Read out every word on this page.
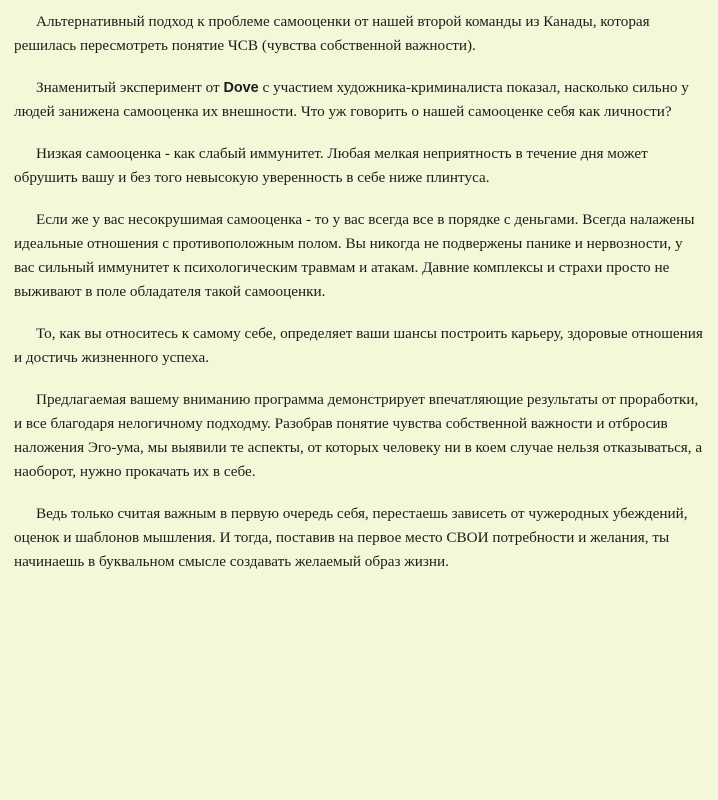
Альтернативный подход к проблеме самооценки от нашей второй команды из Канады, которая решилась пересмотреть понятие ЧСВ (чувства собственной важности).

Знаменитый эксперимент от Dove с участием художника-криминалиста показал, насколько сильно у людей занижена самооценка их внешности. Что уж говорить о нашей самооценке себя как личности?

Низкая самооценка - как слабый иммунитет. Любая мелкая неприятность в течение дня может обрушить вашу и без того невысокую уверенность в себе ниже плинтуса.

Если же у вас несокрушимая самооценка - то у вас всегда все в порядке с деньгами. Всегда налажены идеальные отношения с противоположным полом. Вы никогда не подвержены панике и нервозности, у вас сильный иммунитет к психологическим травмам и атакам. Давние комплексы и страхи просто не выживают в поле обладателя такой самооценки.

То, как вы относитесь к самому себе, определяет ваши шансы построить карьеру, здоровые отношения и достичь жизненного успеха.

Предлагаемая вашему вниманию программа демонстрирует впечатляющие результаты от проработки, и все благодаря нелогичному подходму. Разобрав понятие чувства собственной важности и отбросив наложения Эго-ума, мы выявили те аспекты, от которых человеку ни в коем случае нельзя отказываться, а наоборот, нужно прокачать их в себе.

Ведь только считая важным в первую очередь себя, перестаешь зависеть от чужеродных убеждений, оценок и шаблонов мышления. И тогда, поставив на первое место СВОИ потребности и желания, ты начинаешь в буквальном смысле создавать желаемый образ жизни.
